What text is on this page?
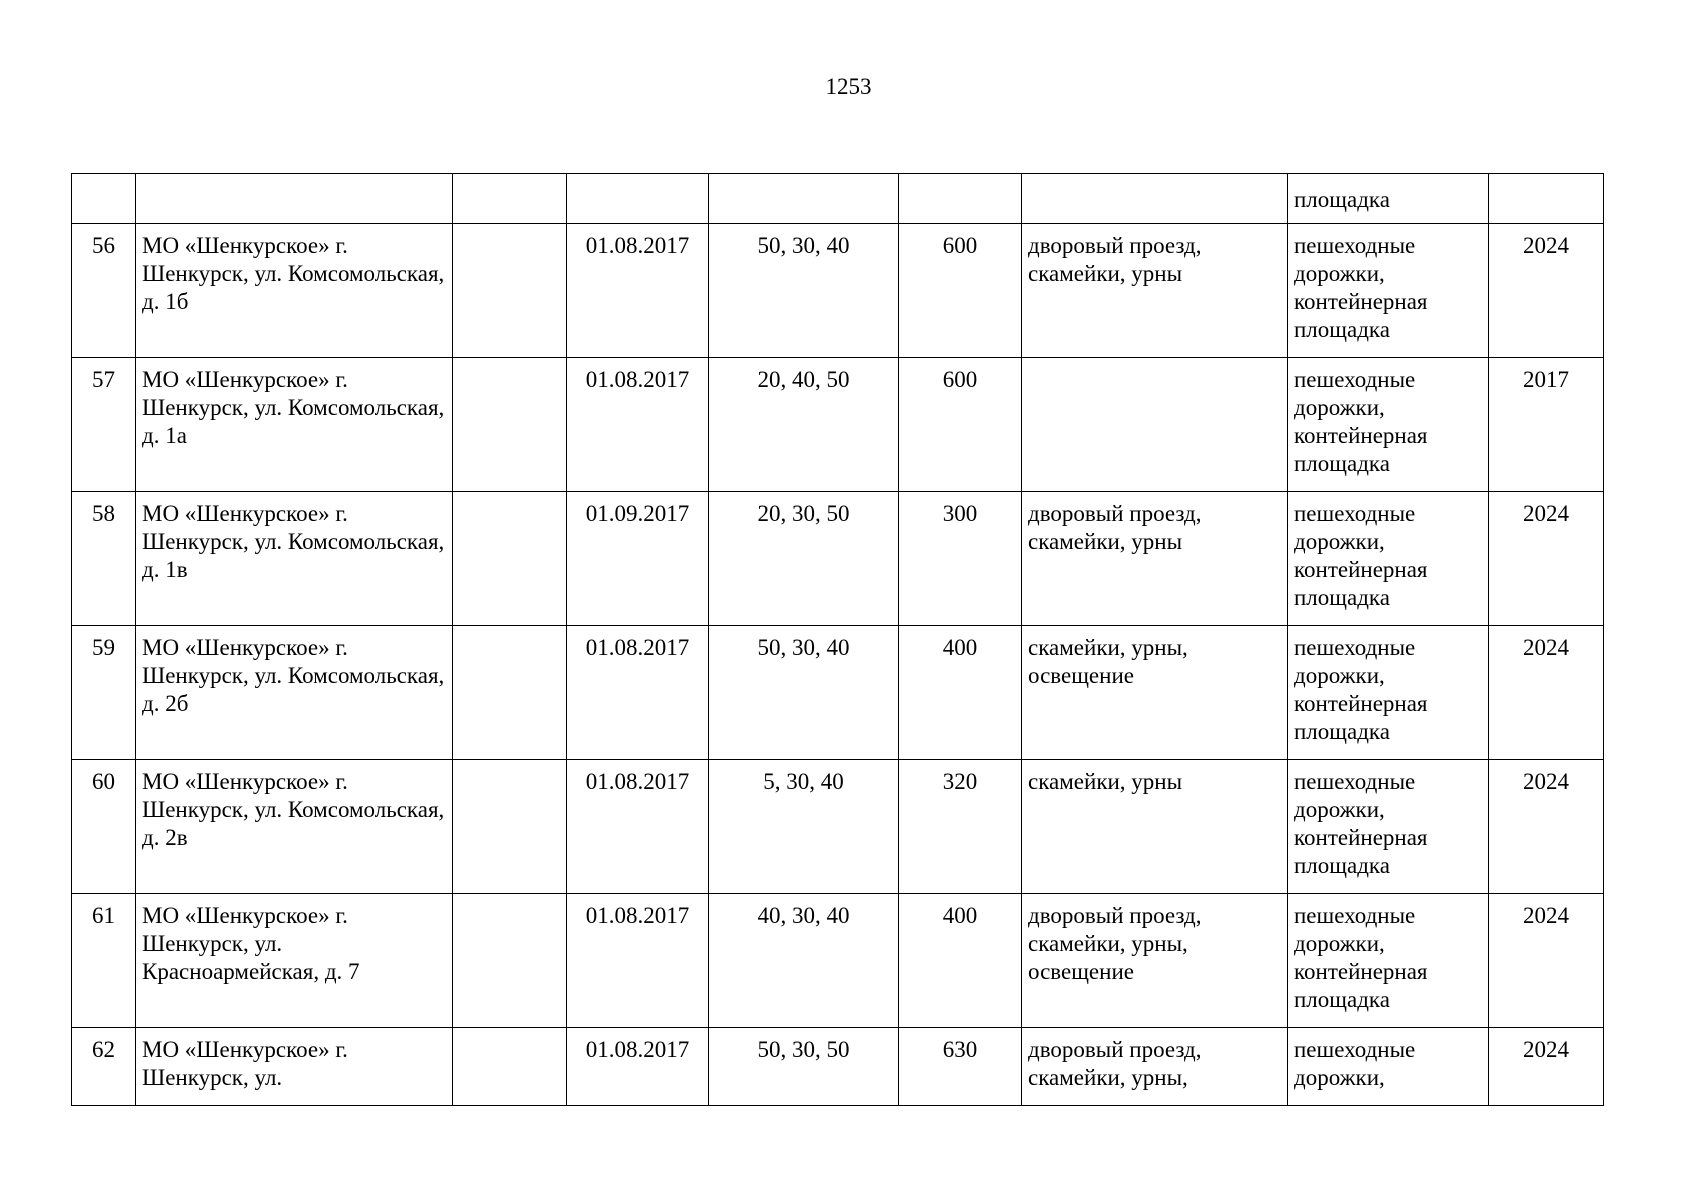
1253
							площадка	
56	МО «Шенкурское» г. Шенкурск, ул. Комсомольская, д. 1б		01.08.2017	50, 30, 40	600	дворовый проезд, скамейки, урны	пешеходные дорожки, контейнерная площадка	2024
57	МО «Шенкурское» г. Шенкурск, ул. Комсомольская, д. 1а		01.08.2017	20, 40, 50	600		пешеходные дорожки, контейнерная площадка	2017
58	МО «Шенкурское» г. Шенкурск, ул. Комсомольская, д. 1в		01.09.2017	20, 30, 50	300	дворовый проезд, скамейки, урны	пешеходные дорожки, контейнерная площадка	2024
59	МО «Шенкурское» г. Шенкурск, ул. Комсомольская, д. 2б		01.08.2017	50, 30, 40	400	скамейки, урны, освещение	пешеходные дорожки, контейнерная площадка	2024
60	МО «Шенкурское» г. Шенкурск, ул. Комсомольская, д. 2в		01.08.2017	5, 30, 40	320	скамейки, урны	пешеходные дорожки, контейнерная площадка	2024
61	МО «Шенкурское» г. Шенкурск, ул. Красноармейская, д. 7		01.08.2017	40, 30, 40	400	дворовый проезд, скамейки, урны, освещение	пешеходные дорожки, контейнерная площадка	2024
62	МО «Шенкурское» г. Шенкурск, ул.		01.08.2017	50, 30, 50	630	дворовый проезд, скамейки, урны,	пешеходные дорожки,	2024
